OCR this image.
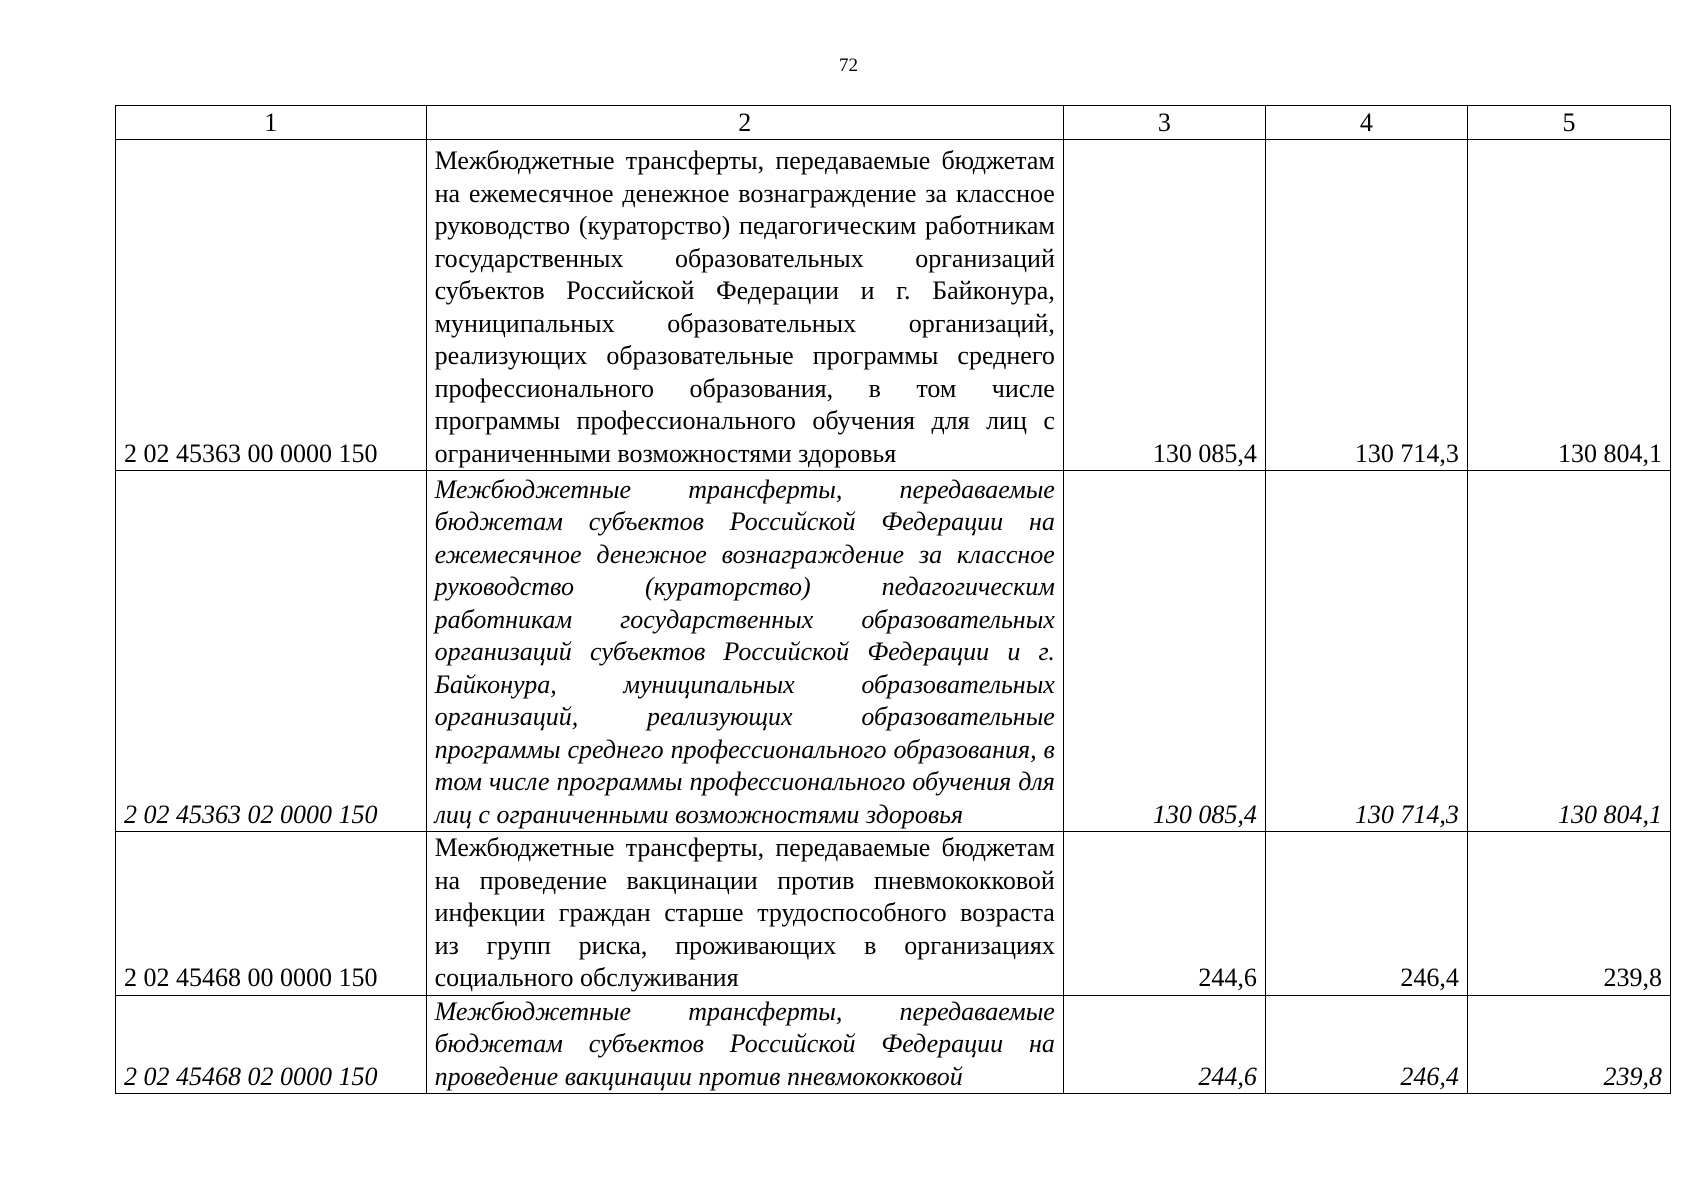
72
1	2	3	4	5
2 02 45363 00 0000 150	Межбюджетные трансферты, передаваемые бюджетам на ежемесячное денежное вознаграждение за классное руководство (кураторство) педагогическим работникам государственных образовательных организаций субъектов Российской Федерации и г. Байконура, муниципальных образовательных организаций, реализующих образовательные программы среднего профессионального образования, в том числе программы профессионального обучения для лиц с ограниченными возможностями здоровья	130 085,4	130 714,3	130 804,1
2 02 45363 02 0000 150	Межбюджетные трансферты, передаваемые бюджетам субъектов Российской Федерации на ежемесячное денежное вознаграждение за классное руководство (кураторство) педагогическим работникам государственных образовательных организаций субъектов Российской Федерации и г. Байконура, муниципальных образовательных организаций, реализующих образовательные программы среднего профессионального образования, в том числе программы профессионального обучения для лиц с ограниченными возможностями здоровья	130 085,4	130 714,3	130 804,1
2 02 45468 00 0000 150	Межбюджетные трансферты, передаваемые бюджетам на проведение вакцинации против пневмококковой инфекции граждан старше трудоспособного возраста из групп риска, проживающих в организациях социального обслуживания	244,6	246,4	239,8
2 02 45468 02 0000 150	Межбюджетные трансферты, передаваемые бюджетам субъектов Российской Федерации на проведение вакцинации против пневмококковой	244,6	246,4	239,8
